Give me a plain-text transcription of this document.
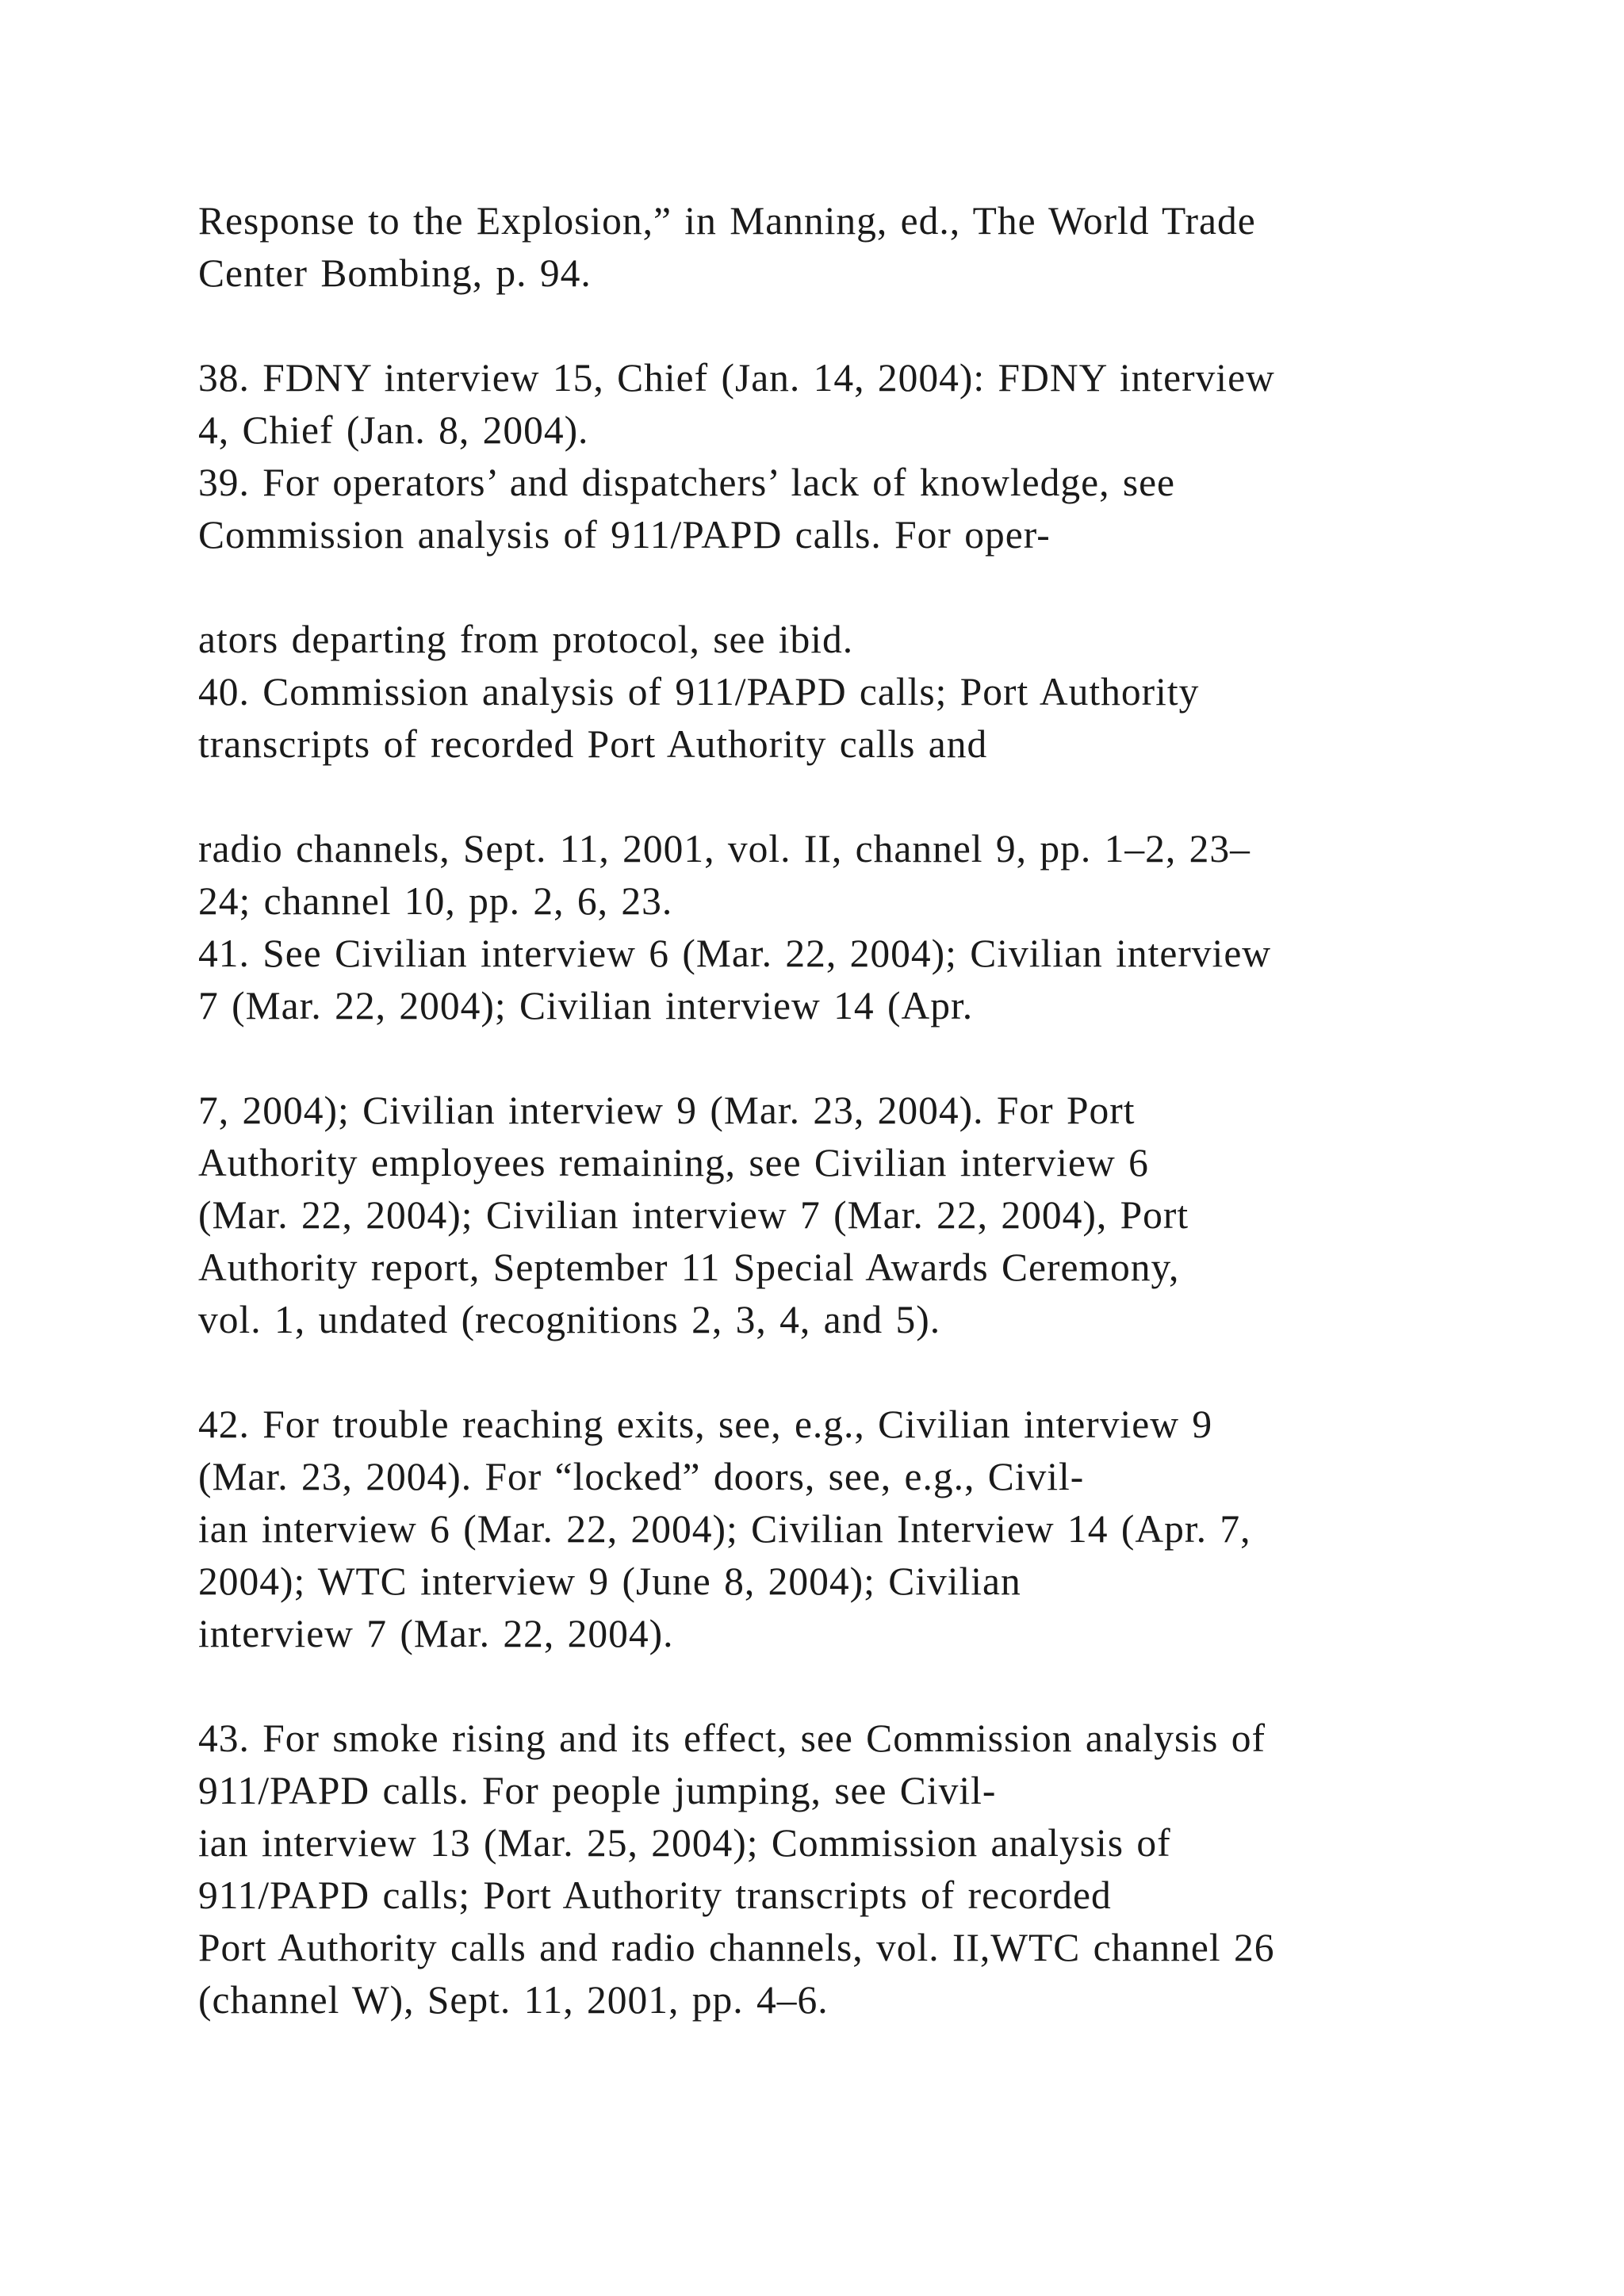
Response to the Explosion,” in Manning, ed., The World Trade
Center Bombing, p. 94.
38. FDNY interview 15, Chief (Jan. 14, 2004): FDNY interview
4, Chief (Jan. 8, 2004).
39. For operators’ and dispatchers’ lack of knowledge, see
Commission analysis of 911/PAPD calls. For oper-
ators departing from protocol, see ibid.
40. Commission analysis of 911/PAPD calls; Port Authority
transcripts of recorded Port Authority calls and
radio channels, Sept. 11, 2001, vol. II, channel 9, pp. 1–2, 23–
24; channel 10, pp. 2, 6, 23.
41. See Civilian interview 6 (Mar. 22, 2004); Civilian interview
7 (Mar. 22, 2004); Civilian interview 14 (Apr.
7, 2004); Civilian interview 9 (Mar. 23, 2004). For Port
Authority employees remaining, see Civilian interview 6
(Mar. 22, 2004); Civilian interview 7 (Mar. 22, 2004), Port
Authority report, September 11 Special Awards Ceremony,
vol. 1, undated (recognitions 2, 3, 4, and 5).
42. For trouble reaching exits, see, e.g., Civilian interview 9
(Mar. 23, 2004). For “locked” doors, see, e.g., Civil-
ian interview 6 (Mar. 22, 2004); Civilian Interview 14 (Apr. 7,
2004); WTC interview 9 (June 8, 2004); Civilian
interview 7 (Mar. 22, 2004).
43. For smoke rising and its effect, see Commission analysis of
911/PAPD calls. For people jumping, see Civil-
ian interview 13 (Mar. 25, 2004); Commission analysis of
911/PAPD calls; Port Authority transcripts of recorded
Port Authority calls and radio channels, vol. II,WTC channel 26
(channel W), Sept. 11, 2001, pp. 4–6.
